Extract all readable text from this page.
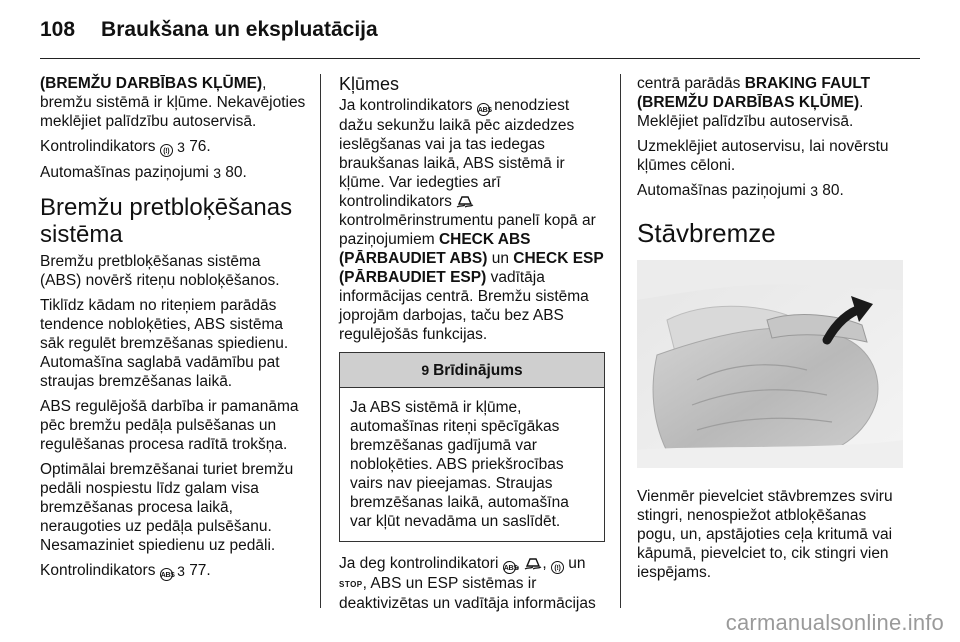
108 Braukšana un ekspluatācija

(BREMŽU DARBĪBAS KĻŪME), bremžu sistēmā ir kļūme. Nekavējoties meklējiet palīdzību autoservisā.

Kontrolindikators (!) 3 76.

Automašīnas paziņojumi 3 80.

Bremžu pretbloķēšanas sistēma

Bremžu pretbloķēšanas sistēma (ABS) novērš riteņu nobloķēšanos.

Tiklīdz kādam no riteņiem parādās tendence nobloķēties, ABS sistēma sāk regulēt bremzēšanas spiedienu. Automašīna saglabā vadāmību pat straujas bremzēšanas laikā.

ABS regulējošā darbība ir pamanāma pēc bremžu pedāļa pulsēšanas un regulēšanas procesa radītā trokšņa.

Optimālai bremzēšanai turiet bremžu pedāli nospiestu līdz galam visa bremzēšanas procesa laikā, neraugoties uz pedāļa pulsēšanu. Nesamaziniet spiedienu uz pedāli.

Kontrolindikators ABS 3 77.

Kļūmes

Ja kontrolindikators ABS nenodziest dažu sekunžu laikā pēc aizdedzes ieslēgšanas vai ja tas iedegas braukšanas laikā, ABS sistēmā ir kļūme. Var iedegties arī kontrolindikators
kontrolmērinstrumentu panelī kopā ar paziņojumiem CHECK ABS (PĀRBAUDIET ABS) un CHECK ESP (PĀRBAUDIET ESP) vadītāja informācijas centrā. Bremžu sistēma joprojām darbojas, taču bez ABS regulējošās funkcijas.

9 Brīdinājums
Ja ABS sistēmā ir kļūme, automašīnas riteņi spēcīgākas bremzēšanas gadījumā var nobloķēties. ABS priekšrocības vairs nav pieejamas. Straujas bremzēšanas laikā, automašīna var kļūt nevadāma un saslīdēt.

Ja deg kontrolindikatori ABS, , (!) un
STOP, ABS un ESP sistēmas ir deaktivizētas un vadītāja informācijas

centrā parādās BRAKING FAULT (BREMŽU DARBĪBAS KĻŪME). Meklējiet palīdzību autoservisā.

Uzmeklējiet autoservisu, lai novērstu kļūmes cēloni.

Automašīnas paziņojumi 3 80.

Stāvbremze

Vienmēr pievelciet stāvbremzes sviru stingri, nenospiežot atbloķēšanas pogu, un, apstājoties ceļa kritumā vai kāpumā, pievelciet to, cik stingri vien iespējams.

carmanualsonline.info
